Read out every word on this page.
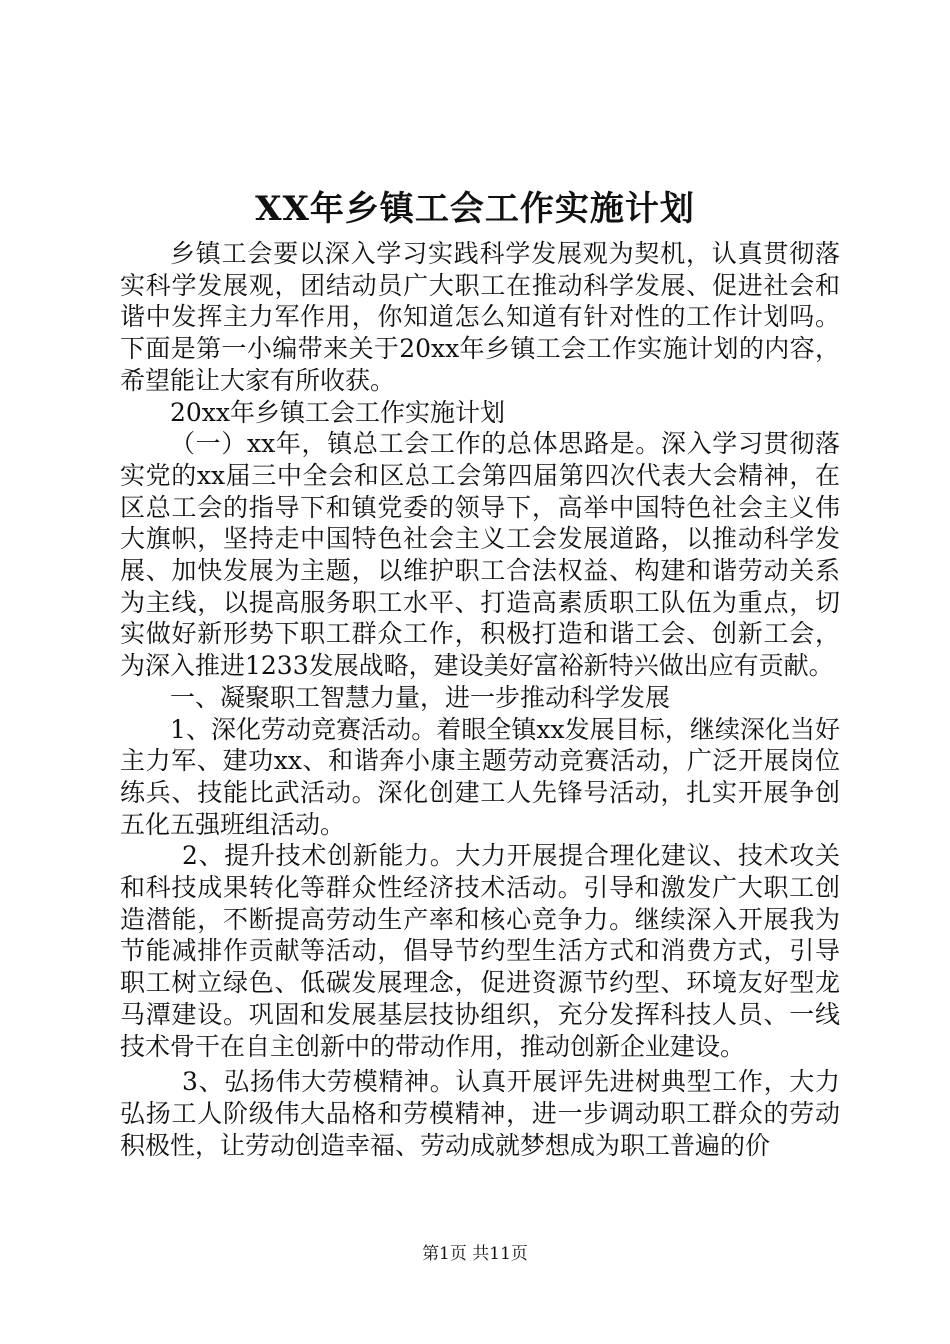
XX年乡镇工会工作实施计划

乡镇工会要以深入学习实践科学发展观为契机，认真贯彻落实科学发展观，团结动员广大职工在推动科学发展、促进社会和谐中发挥主力军作用，你知道怎么知道有针对性的工作计划吗。下面是第一小编带来关于20xx年乡镇工会工作实施计划的内容，希望能让大家有所收获。

20xx年乡镇工会工作实施计划

（一）xx年，镇总工会工作的总体思路是。深入学习贯彻落实党的xx届三中全会和区总工会第四届第四次代表大会精神，在区总工会的指导下和镇党委的领导下，高举中国特色社会主义伟大旗帜，坚持走中国特色社会主义工会发展道路，以推动科学发展、加快发展为主题，以维护职工合法权益、构建和谐劳动关系为主线，以提高服务职工水平、打造高素质职工队伍为重点，切实做好新形势下职工群众工作，积极打造和谐工会、创新工会，为深入推进1233发展战略，建设美好富裕新特兴做出应有贡献。

一、凝聚职工智慧力量，进一步推动科学发展

1、深化劳动竞赛活动。着眼全镇xx发展目标，继续深化当好主力军、建功xx、和谐奔小康主题劳动竞赛活动，广泛开展岗位练兵、技能比武活动。深化创建工人先锋号活动，扎实开展争创五化五强班组活动。

2、提升技术创新能力。大力开展提合理化建议、技术攻关和科技成果转化等群众性经济技术活动。引导和激发广大职工创造潜能，不断提高劳动生产率和核心竞争力。继续深入开展我为节能减排作贡献等活动，倡导节约型生活方式和消费方式，引导职工树立绿色、低碳发展理念，促进资源节约型、环境友好型龙马潭建设。巩固和发展基层技协组织，充分发挥科技人员、一线技术骨干在自主创新中的带动作用，推动创新企业建设。

3、弘扬伟大劳模精神。认真开展评先进树典型工作，大力弘扬工人阶级伟大品格和劳模精神，进一步调动职工群众的劳动积极性，让劳动创造幸福、劳动成就梦想成为职工普遍的价

第1页 共11页
